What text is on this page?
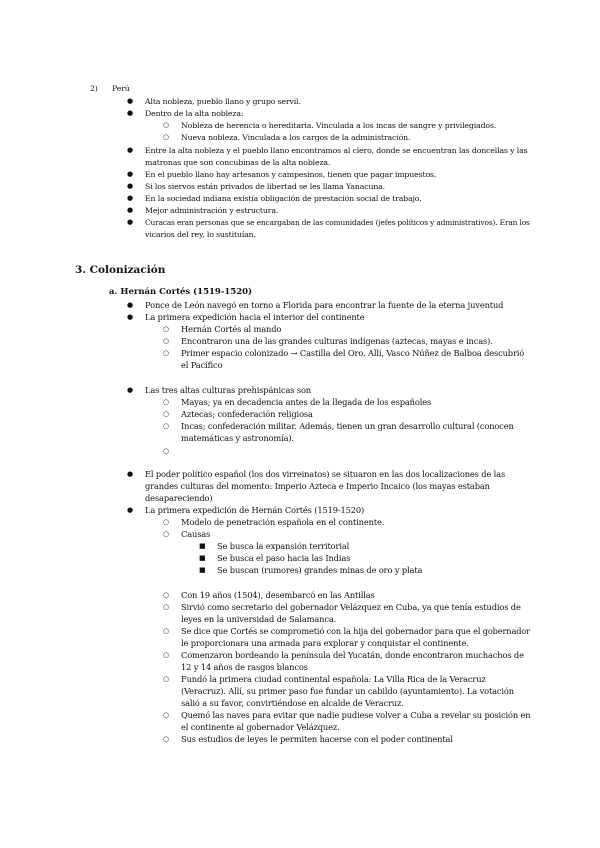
2) Perú
● Alta nobleza, pueblo llano y grupo servil.
● Dentro de la alta nobleza:
○ Nobleza de herencia o hereditaria. Vinculada a los incas de sangre y privilegiados.
○ Nueva nobleza. Vinculada a los cargos de la administración.
● Entre la alta nobleza y el pueblo llano encontramos al clero, donde se encuentran las doncellas y las
matronas que son concubinas de la alta nobleza.
● En el pueblo llano hay artesanos y campesinos, tienen que pagar impuestos.
● Si los siervos están privados de libertad se les llama Yanacuna.
● En la sociedad indiana existía obligación de prestación social de trabajo.
● Mejor administración y estructura.
● Curacas eran personas que se encargaban de las comunidades (jefes políticos y administrativos). Eran los
vicarios del rey, lo sustituían.
3. Colonización
a. Hernán Cortés (1519-1520)
● Ponce de León navegó en torno a Florida para encontrar la fuente de la eterna juventud
● La primera expedición hacia el interior del continente
○ Hernán Cortés al mando
○ Encontraron una de las grandes culturas indígenas (aztecas, mayas e incas).
○ Primer espacio colonizado → Castilla del Oro. Allí, Vasco Núñez de Balboa descubrió
el Pacífico
● Las tres altas culturas prehispánicas son
○ Mayas; ya en decadencia antes de la llegada de los españoles
○ Aztecas; confederación religiosa
○ Incas; confederación militar. Además, tienen un gran desarrollo cultural (conocen
matemáticas y astronomía).
○
● El poder político español (los dos virreinatos) se situaron en las dos localizaciones de las
grandes culturas del momento: Imperio Azteca e Imperio Incaico (los mayas estaban
desapareciendo)
● La primera expedición de Hernán Cortés (1519-1520)
○ Modelo de penetración española en el continente.
○ Causas
■ Se busca la expansión territorial
■ Se busca el paso hacia las Indias
■ Se buscan (rumores) grandes minas de oro y plata
○ Con 19 años (1504), desembarcó en las Antillas
○ Sirvió como secretario del gobernador Velázquez en Cuba, ya que tenía estudios de
leyes en la universidad de Salamanca.
○ Se dice que Cortés se comprometió con la hija del gobernador para que el gobernador
le proporcionara una armada para explorar y conquistar el continente.
○ Comenzaron bordeando la península del Yucatán, donde encontraron muchachos de
12 y 14 años de rasgos blancos
○ Fundó la primera ciudad continental española: La Villa Rica de la Veracruz
(Veracruz). Allí, su primer paso fue fundar un cabildo (ayuntamiento). La votación
salió a su favor, convirtiéndose en alcalde de Veracruz.
○ Quemó las naves para evitar que nadie pudiese volver a Cuba a revelar su posición en
el continente al gobernador Velázquez.
○ Sus estudios de leyes le permiten hacerse con el poder continental
